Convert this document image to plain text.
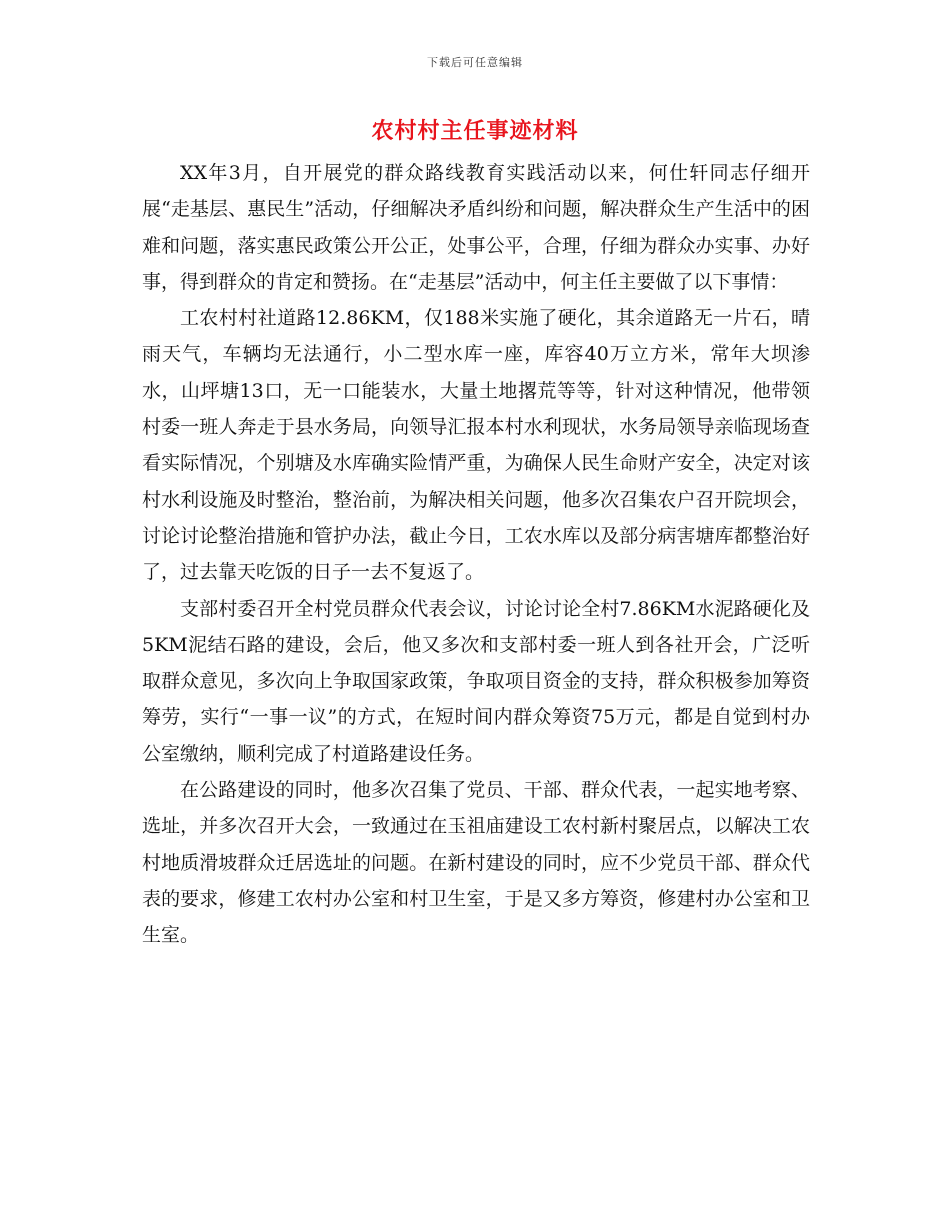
下载后可任意编辑
农村村主任事迹材料

XX年3月，自开展党的群众路线教育实践活动以来，何仕轩同志仔细开展“走基层、惠民生”活动，仔细解决矛盾纠纷和问题，解决群众生产生活中的困难和问题，落实惠民政策公开公正，处事公平，合理，仔细为群众办实事、办好事，得到群众的肯定和赞扬。在“走基层”活动中，何主任主要做了以下事情：

工农村村社道路12.86KM，仅188米实施了硬化，其余道路无一片石，晴雨天气，车辆均无法通行，小二型水库一座，库容40万立方米，常年大坝渗水，山坪塘13口，无一口能装水，大量土地撂荒等等，针对这种情况，他带领村委一班人奔走于县水务局，向领导汇报本村水利现状，水务局领导亲临现场查看实际情况，个别塘及水库确实险情严重，为确保人民生命财产安全，决定对该村水利设施及时整治，整治前，为解决相关问题，他多次召集农户召开院坝会，讨论讨论整治措施和管护办法，截止今日，工农水库以及部分病害塘库都整治好了，过去靠天吃饭的日子一去不复返了。

支部村委召开全村党员群众代表会议，讨论讨论全村7.86KM水泥路硬化及5KM泥结石路的建设，会后，他又多次和支部村委一班人到各社开会，广泛听取群众意见，多次向上争取国家政策，争取项目资金的支持，群众积极参加筹资筹劳，实行“一事一议”的方式，在短时间内群众筹资75万元，都是自觉到村办公室缴纳，顺利完成了村道路建设任务。

在公路建设的同时，他多次召集了党员、干部、群众代表，一起实地考察、选址，并多次召开大会，一致通过在玉祖庙建设工农村新村聚居点，以解决工农村地质滑坡群众迁居选址的问题。在新村建设的同时，应不少党员干部、群众代表的要求，修建工农村办公室和村卫生室，于是又多方筹资，修建村办公室和卫生室。
